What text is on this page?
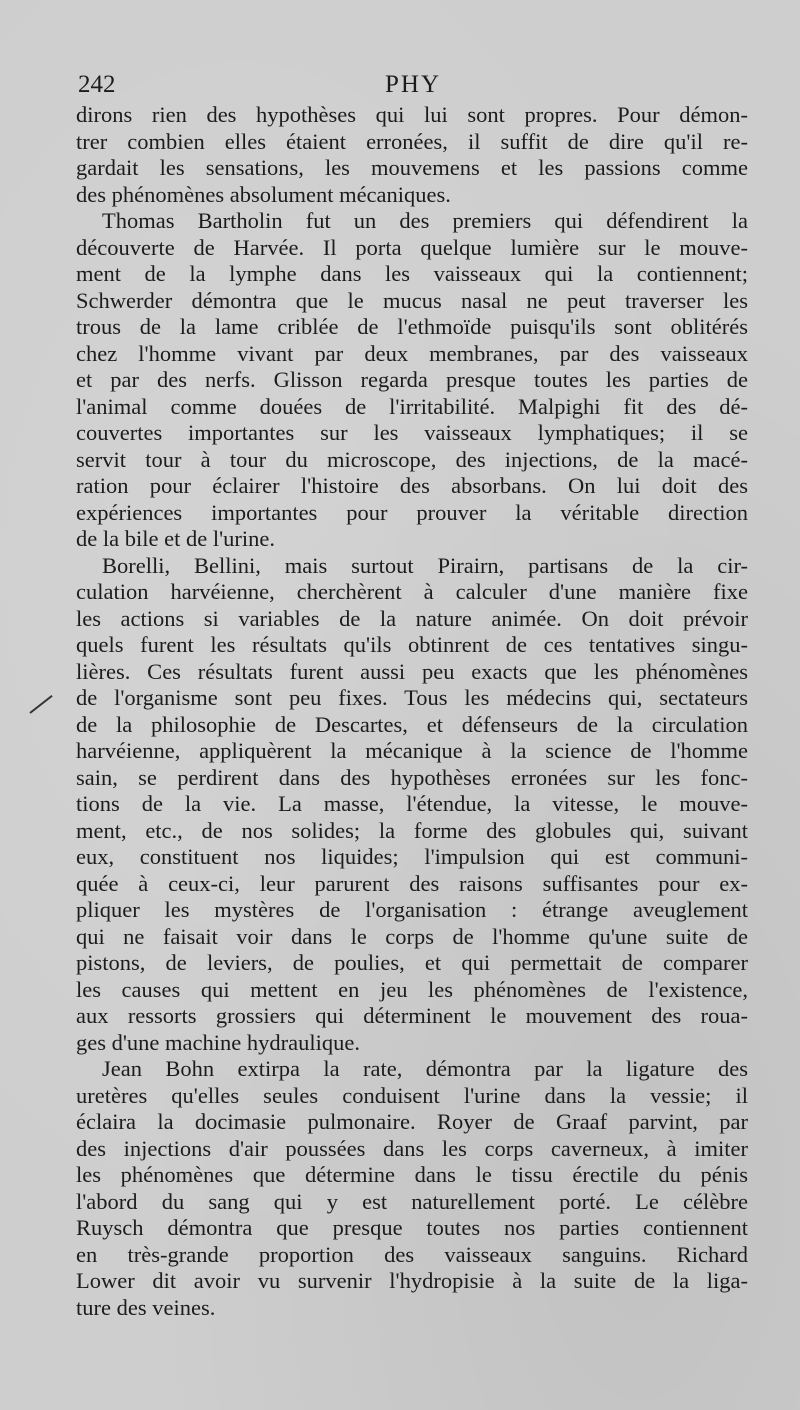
242	PHY
dirons rien des hypothèses qui lui sont propres. Pour démon-
trer combien elles étaient erronées, il suffit de dire qu'il re-
gardait les sensations, les mouvemens et les passions comme
des phénomènes absolument mécaniques.
Thomas Bartholin fut un des premiers qui défendirent la
découverte de Harvée. Il porta quelque lumière sur le mouve-
ment de la lymphe dans les vaisseaux qui la contiennent;
Schwerder démontra que le mucus nasal ne peut traverser les
trous de la lame criblée de l'ethmoïde puisqu'ils sont oblitérés
chez l'homme vivant par deux membranes, par des vaisseaux
et par des nerfs. Glisson regarda presque toutes les parties de
l'animal comme douées de l'irritabilité. Malpighi fit des dé-
couvertes importantes sur les vaisseaux lymphatiques; il se
servit tour à tour du microscope, des injections, de la macé-
ration pour éclairer l'histoire des absorbans. On lui doit des
expériences importantes pour prouver la véritable direction
de la bile et de l'urine.
Borelli, Bellini, mais surtout Pirairn, partisans de la cir-
culation harvéienne, cherchèrent à calculer d'une manière fixe
les actions si variables de la nature animée. On doit prévoir
quels furent les résultats qu'ils obtinrent de ces tentatives singu-
lières. Ces résultats furent aussi peu exacts que les phénomènes
de l'organisme sont peu fixes. Tous les médecins qui, sectateurs
de la philosophie de Descartes, et défenseurs de la circulation
harvéienne, appliquèrent la mécanique à la science de l'homme
sain, se perdirent dans des hypothèses erronées sur les fonc-
tions de la vie. La masse, l'étendue, la vitesse, le mouve-
ment, etc., de nos solides; la forme des globules qui, suivant
eux, constituent nos liquides; l'impulsion qui est communi-
quée à ceux-ci, leur parurent des raisons suffisantes pour ex-
pliquer les mystères de l'organisation : étrange aveuglement
qui ne faisait voir dans le corps de l'homme qu'une suite de
pistons, de leviers, de poulies, et qui permettait de comparer
les causes qui mettent en jeu les phénomènes de l'existence,
aux ressorts grossiers qui déterminent le mouvement des roua-
ges d'une machine hydraulique.
Jean Bohn extirpa la rate, démontra par la ligature des
uretères qu'elles seules conduisent l'urine dans la vessie; il
éclaira la docimasie pulmonaire. Royer de Graaf parvint, par
des injections d'air poussées dans les corps caverneux, à imiter
les phénomènes que détermine dans le tissu érectile du pénis
l'abord du sang qui y est naturellement porté. Le célèbre
Ruysch démontra que presque toutes nos parties contiennent
en très-grande proportion des vaisseaux sanguins. Richard
Lower dit avoir vu survenir l'hydropisie à la suite de la liga-
ture des veines.
